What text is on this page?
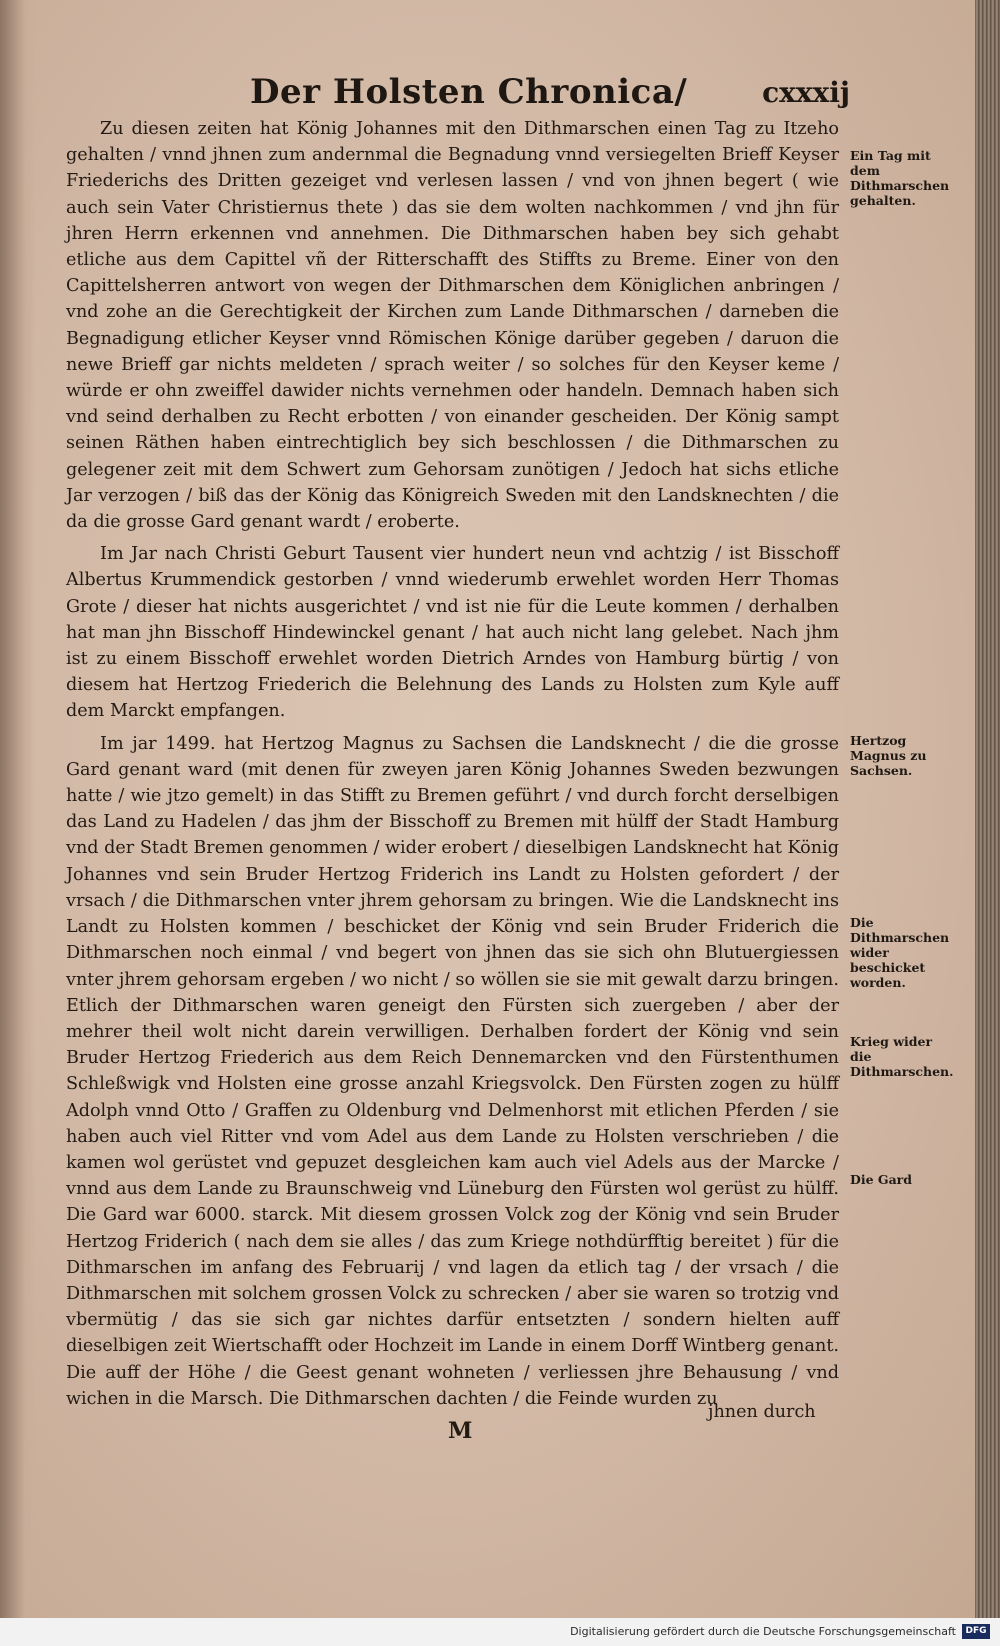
Der Holsten Chronica/	cxxxij

Zu diesen zeiten hat König Johannes mit den Dithmarschen einen Tag zu Itzeho gehalten / vnnd jhnen zum andernmal die Begnadung vnnd versiegelten Brieff Keyser Friederichs des Dritten gezeiget vnd verlesen lassen / vnd von jhnen begert ( wie auch sein Vater Christiernus thete ) das sie dem wolten nachkommen / vnd jhn für jhren Herrn erkennen vnd annehmen. Die Dithmarschen haben bey sich gehabt etliche aus dem Capittel vñ der Ritterschafft des Stiffts zu Breme. Einer von den Capittelsherren antwort von wegen der Dithmarschen dem Königlichen anbringen / vnd zohe an die Gerechtigkeit der Kirchen zum Lande Dithmarschen / darneben die Begnadigung etlicher Keyser vnnd Römischen Könige darüber gegeben / daruon die newe Brieff gar nichts meldeten / sprach weiter / so solches für den Keyser keme / würde er ohn zweiffel dawider nichts vernehmen oder handeln. Demnach haben sich vnd seind derhalben zu Recht erbotten / von einander gescheiden. Der König sampt seinen Räthen haben eintrechtiglich bey sich beschlossen / die Dithmarschen zu gelegener zeit mit dem Schwert zum Gehorsam zunötigen / Jedoch hat sichs etliche Jar verzogen / biß das der König das Königreich Sweden mit den Landsknechten / die da die grosse Gard genant wardt / eroberte.

Im Jar nach Christi Geburt Tausent vier hundert neun vnd achtzig / ist Bisschoff Albertus Krummendick gestorben / vnnd wiederumb erwehlet worden Herr Thomas Grote / dieser hat nichts ausgerichtet / vnd ist nie für die Leute kommen / derhalben hat man jhn Bisschoff Hindewinckel genant / hat auch nicht lang gelebet. Nach jhm ist zu einem Bisschoff erwehlet worden Dietrich Arndes von Hamburg bürtig / von diesem hat Hertzog Friederich die Belehnung des Lands zu Holsten zum Kyle auff dem Marckt empfangen.

Im jar 1499. hat Hertzog Magnus zu Sachsen die Landsknecht / die die grosse Gard genant ward (mit denen für zweyen jaren König Johannes Sweden bezwungen hatte / wie jtzo gemelt) in das Stifft zu Bremen geführt / vnd durch forcht derselbigen das Land zu Hadelen / das jhm der Bisschoff zu Bremen mit hülff der Stadt Hamburg vnd der Stadt Bremen genommen / wider erobert / dieselbigen Landsknecht hat König Johannes vnd sein Bruder Hertzog Friderich ins Landt zu Holsten gefordert / der vrsach / die Dithmarschen vnter jhrem gehorsam zu bringen. Wie die Landsknecht ins Landt zu Holsten kommen / beschicket der König vnd sein Bruder Friderich die Dithmarschen noch einmal / vnd begert von jhnen das sie sich ohn Blutuergiessen vnter jhrem gehorsam ergeben / wo nicht / so wöllen sie sie mit gewalt darzu bringen. Etlich der Dithmarschen waren geneigt den Fürsten sich zuergeben / aber der mehrer theil wolt nicht darein verwilligen. Derhalben fordert der König vnd sein Bruder Hertzog Friederich aus dem Reich Dennemarcken vnd den Fürstenthumen Schleßwigk vnd Holsten eine grosse anzahl Kriegsvolck. Den Fürsten zogen zu hülff Adolph vnnd Otto / Graffen zu Oldenburg vnd Delmenhorst mit etlichen Pferden / sie haben auch viel Ritter vnd vom Adel aus dem Lande zu Holsten verschrieben / die kamen wol gerüstet vnd gepuzet desgleichen kam auch viel Adels aus der Marcke / vnnd aus dem Lande zu Braunschweig vnd Lüneburg den Fürsten wol gerüst zu hülff. Die Gard war 6000. starck. Mit diesem grossen Volck zog der König vnd sein Bruder Hertzog Friderich ( nach dem sie alles / das zum Kriege nothdürfftig bereitet ) für die Dithmarschen im anfang des Februarij / vnd lagen da etlich tag / der vrsach / die Dithmarschen mit solchem grossen Volck zu schrecken / aber sie waren so trotzig vnd vbermütig / das sie sich gar nichtes darfür entsetzten / sondern hielten auff dieselbigen zeit Wiertschafft oder Hochzeit im Lande in einem Dorff Wintberg genant. Die auff der Höhe / die Geest genant wohneten / verliessen jhre Behausung / vnd wichen in die Marsch. Die Dithmarschen dachten / die Feinde wurden zu

Ein Tag mit dem Dithmarschen gehalten.
Hertzog Magnus zu Sachsen.
Die Dithmarschen wider beschicket worden.
Krieg wider die Dithmarschen.
Die Gard
jhnen durch
M
Digitalisierung gefördert durch die Deutsche Forschungsgemeinschaft	DFG
